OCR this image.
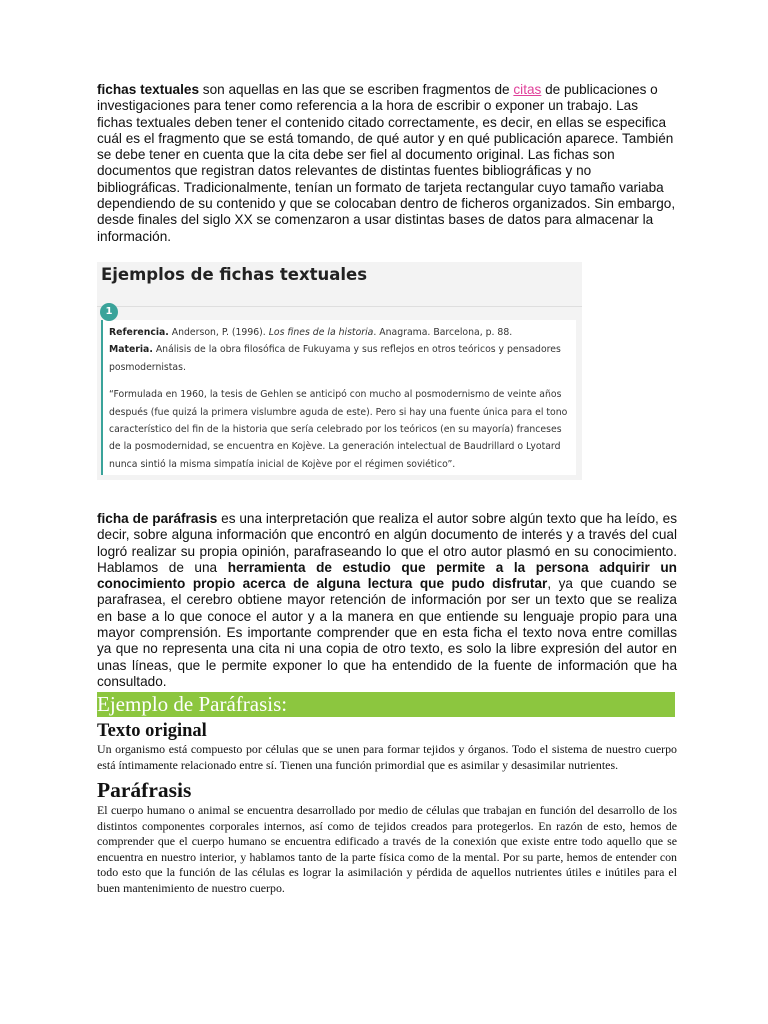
fichas textuales son aquellas en las que se escriben fragmentos de citas de publicaciones o investigaciones para tener como referencia a la hora de escribir o exponer un trabajo. Las fichas textuales deben tener el contenido citado correctamente, es decir, en ellas se especifica cuál es el fragmento que se está tomando, de qué autor y en qué publicación aparece. También se debe tener en cuenta que la cita debe ser fiel al documento original. Las fichas son documentos que registran datos relevantes de distintas fuentes bibliográficas y no bibliográficas. Tradicionalmente, tenían un formato de tarjeta rectangular cuyo tamaño variaba dependiendo de su contenido y que se colocaban dentro de ficheros organizados. Sin embargo, desde finales del siglo XX se comenzaron a usar distintas bases de datos para almacenar la información.

Ejemplos de fichas textuales
Referencia. Anderson, P. (1996). Los fines de la historia. Anagrama. Barcelona, p. 88.
Materia. Análisis de la obra filosófica de Fukuyama y sus reflejos en otros teóricos y pensadores posmodernistas.
“Formulada en 1960, la tesis de Gehlen se anticipó con mucho al posmodernismo de veinte años después (fue quizá la primera vislumbre aguda de este). Pero si hay una fuente única para el tono característico del fin de la historia que sería celebrado por los teóricos (en su mayoría) franceses de la posmodernidad, se encuentra en Kojève. La generación intelectual de Baudrillard o Lyotard nunca sintió la misma simpatía inicial de Kojève por el régimen soviético”.
1

ficha de paráfrasis es una interpretación que realiza el autor sobre algún texto que ha leído, es decir, sobre alguna información que encontró en algún documento de interés y a través del cual logró realizar su propia opinión, parafraseando lo que el otro autor plasmó en su conocimiento. Hablamos de una herramienta de estudio que permite a la persona adquirir un conocimiento propio acerca de alguna lectura que pudo disfrutar, ya que cuando se parafrasea, el cerebro obtiene mayor retención de información por ser un texto que se realiza en base a lo que conoce el autor y a la manera en que entiende su lenguaje propio para una mayor comprensión. Es importante comprender que en esta ficha el texto nova entre comillas ya que no representa una cita ni una copia de otro texto, es solo la libre expresión del autor en unas líneas, que le permite exponer lo que ha entendido de la fuente de información que ha consultado.

Ejemplo de Paráfrasis:
Texto original

Un organismo está compuesto por células que se unen para formar tejidos y órganos. Todo el sistema de nuestro cuerpo está íntimamente relacionado entre sí. Tienen una función primordial que es asimilar y desasimilar nutrientes.

Paráfrasis

El cuerpo humano o animal se encuentra desarrollado por medio de células que trabajan en función del desarrollo de los distintos componentes corporales internos, así como de tejidos creados para protegerlos. En razón de esto, hemos de comprender que el cuerpo humano se encuentra edificado a través de la conexión que existe entre todo aquello que se encuentra en nuestro interior, y hablamos tanto de la parte física como de la mental. Por su parte, hemos de entender con todo esto que la función de las células es lograr la asimilación y pérdida de aquellos nutrientes útiles e inútiles para el buen mantenimiento de nuestro cuerpo.
